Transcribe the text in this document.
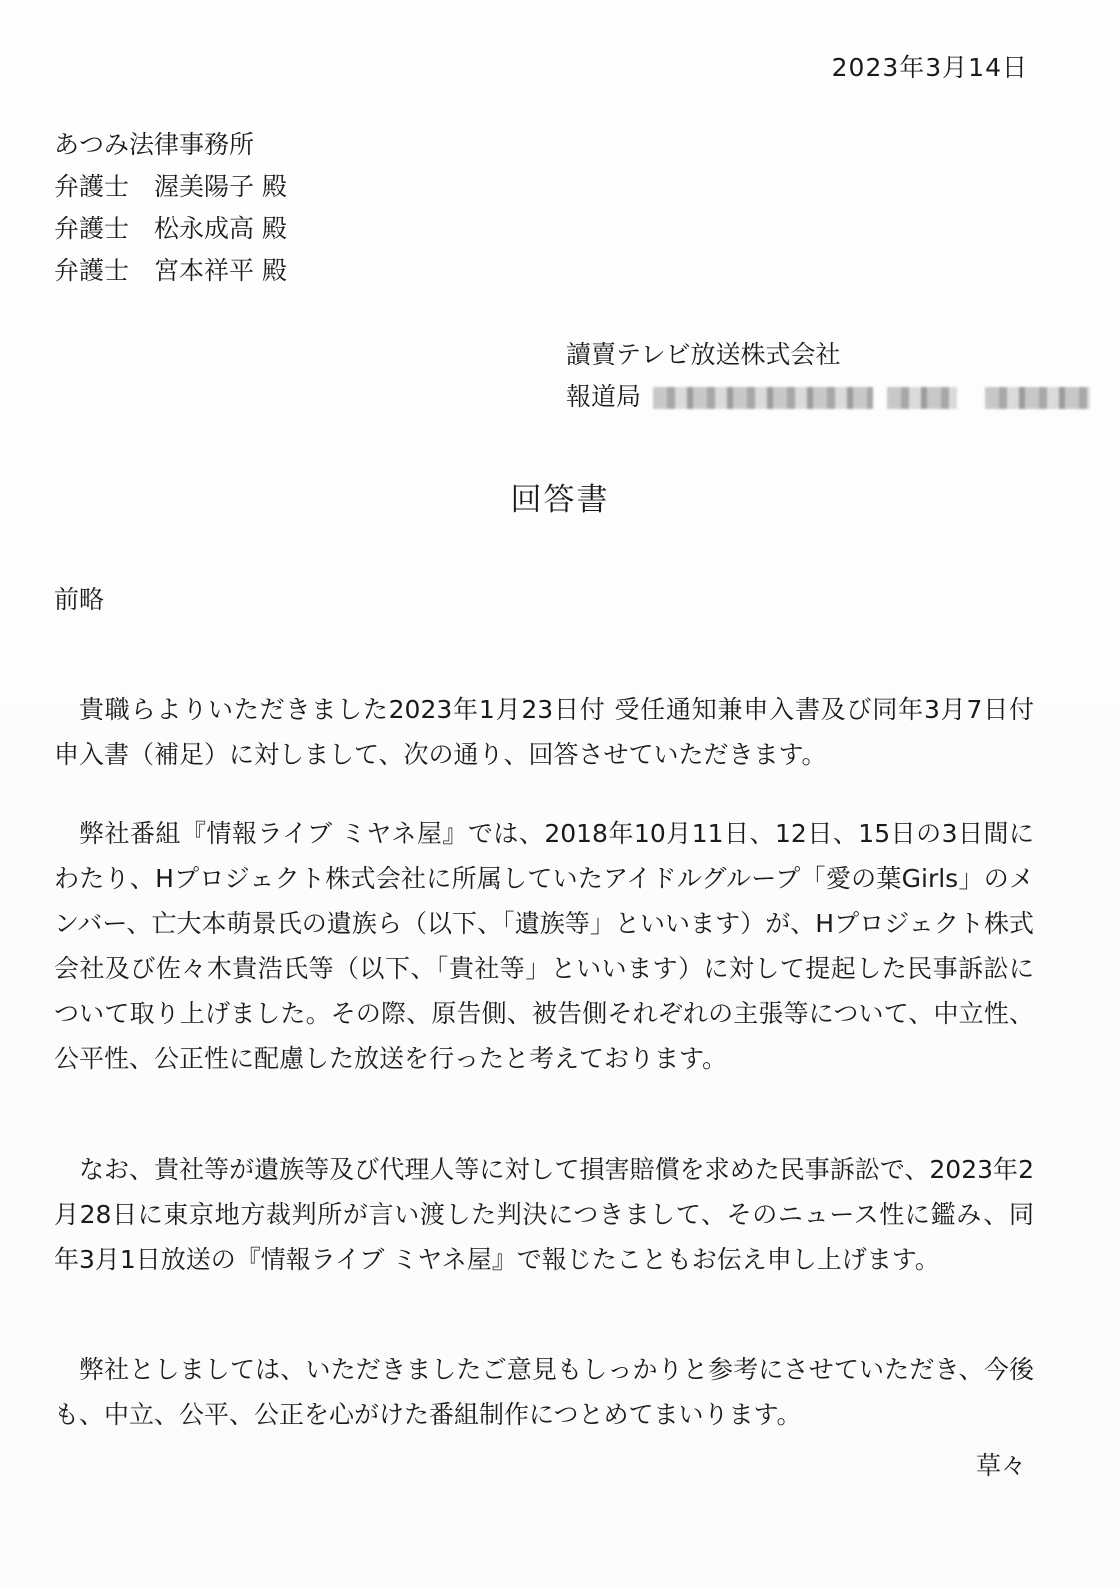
2023年3月14日
あつみ法律事務所
弁護士　 渥美陽子 殿
弁護士　 松永成高 殿
弁護士　 宮本祥平 殿
讀賣テレビ放送株式会社
報道局
回答書
前略

貴職らよりいただきました2023年1月23日付 受任通知兼申入書及び同年3月7日付 申入書（補足）に対しまして、次の通り、回答させていただきます。

弊社番組『情報ライブ ミヤネ屋』では、2018年10月11日、12日、15日の3日間にわたり、Hプロジェクト株式会社に所属していたアイドルグループ「愛の葉Girls」のメンバー、亡大本萌景氏の遺族ら（以下、「遺族等」といいます）が、Hプロジェクト株式会社及び佐々木貴浩氏等（以下、「貴社等」といいます）に対して提起した民事訴訟について取り上げました。その際、原告側、被告側それぞれの主張等について、中立性、公平性、公正性に配慮した放送を行ったと考えております。

なお、貴社等が遺族等及び代理人等に対して損害賠償を求めた民事訴訟で、2023年2月28日に東京地方裁判所が言い渡した判決につきまして、そのニュース性に鑑み、同年3月1日放送の『情報ライブ ミヤネ屋』で報じたこともお伝え申し上げます。

弊社としましては、いただきましたご意見もしっかりと参考にさせていただき、今後も、中立、公平、公正を心がけた番組制作につとめてまいります。

草々
